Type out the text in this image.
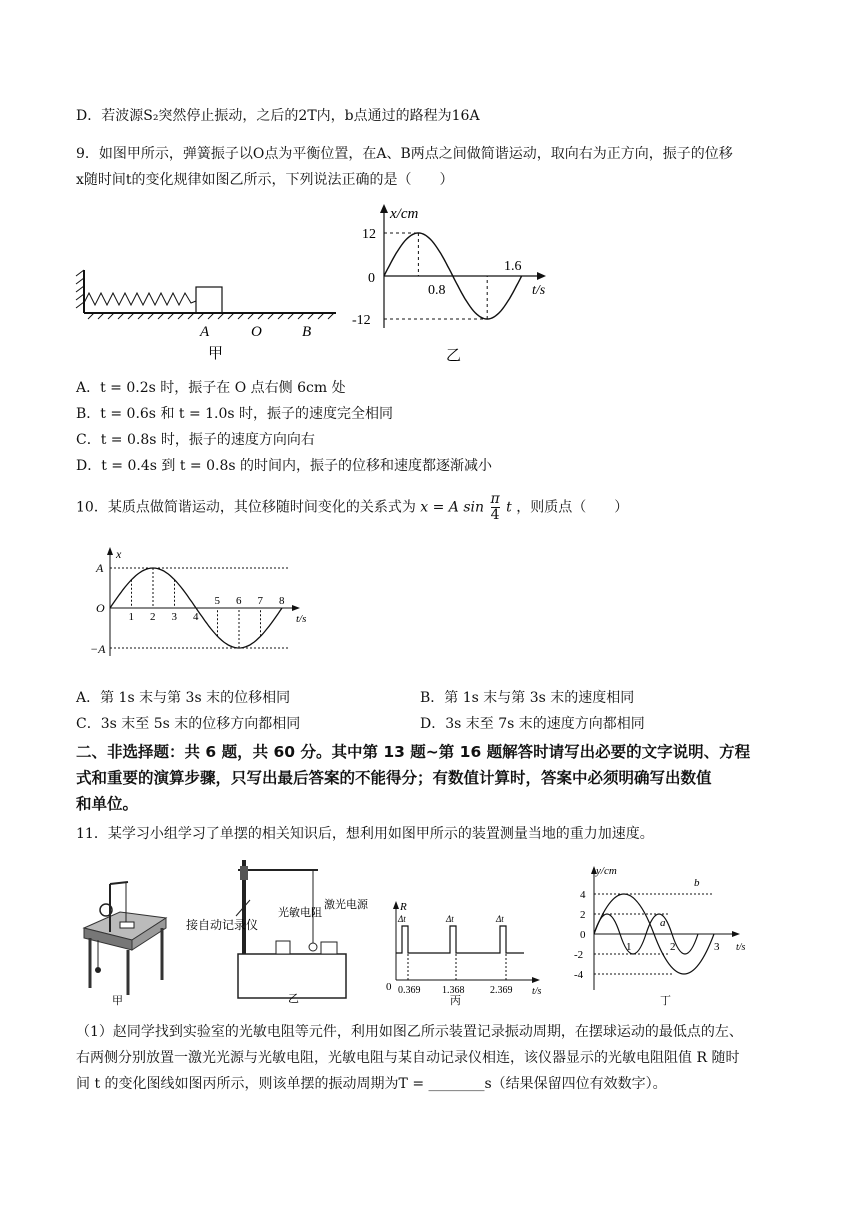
D．若波源S₂突然停止振动，之后的2T内，b点通过的路程为16A
9．如图甲所示，弹簧振子以O点为平衡位置，在A、B两点之间做简谐运动，取向右为正方向，振子的位移
x随时间t的变化规律如图乙所示，下列说法正确的是（　　）
A	O	B
甲
x/cm
t/s
0
12
-12
0.8
1.6
乙
A．t = 0.2s 时，振子在 O 点右侧 6cm 处
B．t = 0.6s 和 t = 1.0s 时，振子的速度完全相同
C．t = 0.8s 时，振子的速度方向向右
D．t = 0.4s 到 t = 0.8s 的时间内，振子的位移和速度都逐渐减小
10．某质点做简谐运动，其位移随时间变化的关系式为 x = A $\sin \frac{\pi}{4}$ t ，则质点（　　）
x
t/s
O
A
−A
1 2 3 4
5 6 7 8
A．第 1s 末与第 3s 末的位移相同	B．第 1s 末与第 3s 末的速度相同
C．3s 末至 5s 末的位移方向都相同	D．3s 末至 7s 末的速度方向都相同
二、非选择题：共 6 题，共 60 分。其中第 13 题~第 16 题解答时请写出必要的文字说明、方程
式和重要的演算步骤，只写出最后答案的不能得分；有数值计算时，答案中必须明确写出数值
和单位。
11．某学习小组学习了单摆的相关知识后，想利用如图甲所示的装置测量当地的重力加速度。
甲
接自动记录仪
光敏电阻
激光电源
乙
R
t/s
0
Δt	Δt	Δt
0.369 1.368	2.369
丙
y/cm
t/s
4
2
0
-2
-4
1	2	3
a
b
丁
（1）赵同学找到实验室的光敏电阻等元件，利用如图乙所示装置记录振动周期，在摆球运动的最低点的左、
右两侧分别放置一激光光源与光敏电阻，光敏电阻与某自动记录仪相连，该仪器显示的光敏电阻阻值 R 随时
间 t 的变化图线如图丙所示，则该单摆的振动周期为T = ________s（结果保留四位有效数字）。
